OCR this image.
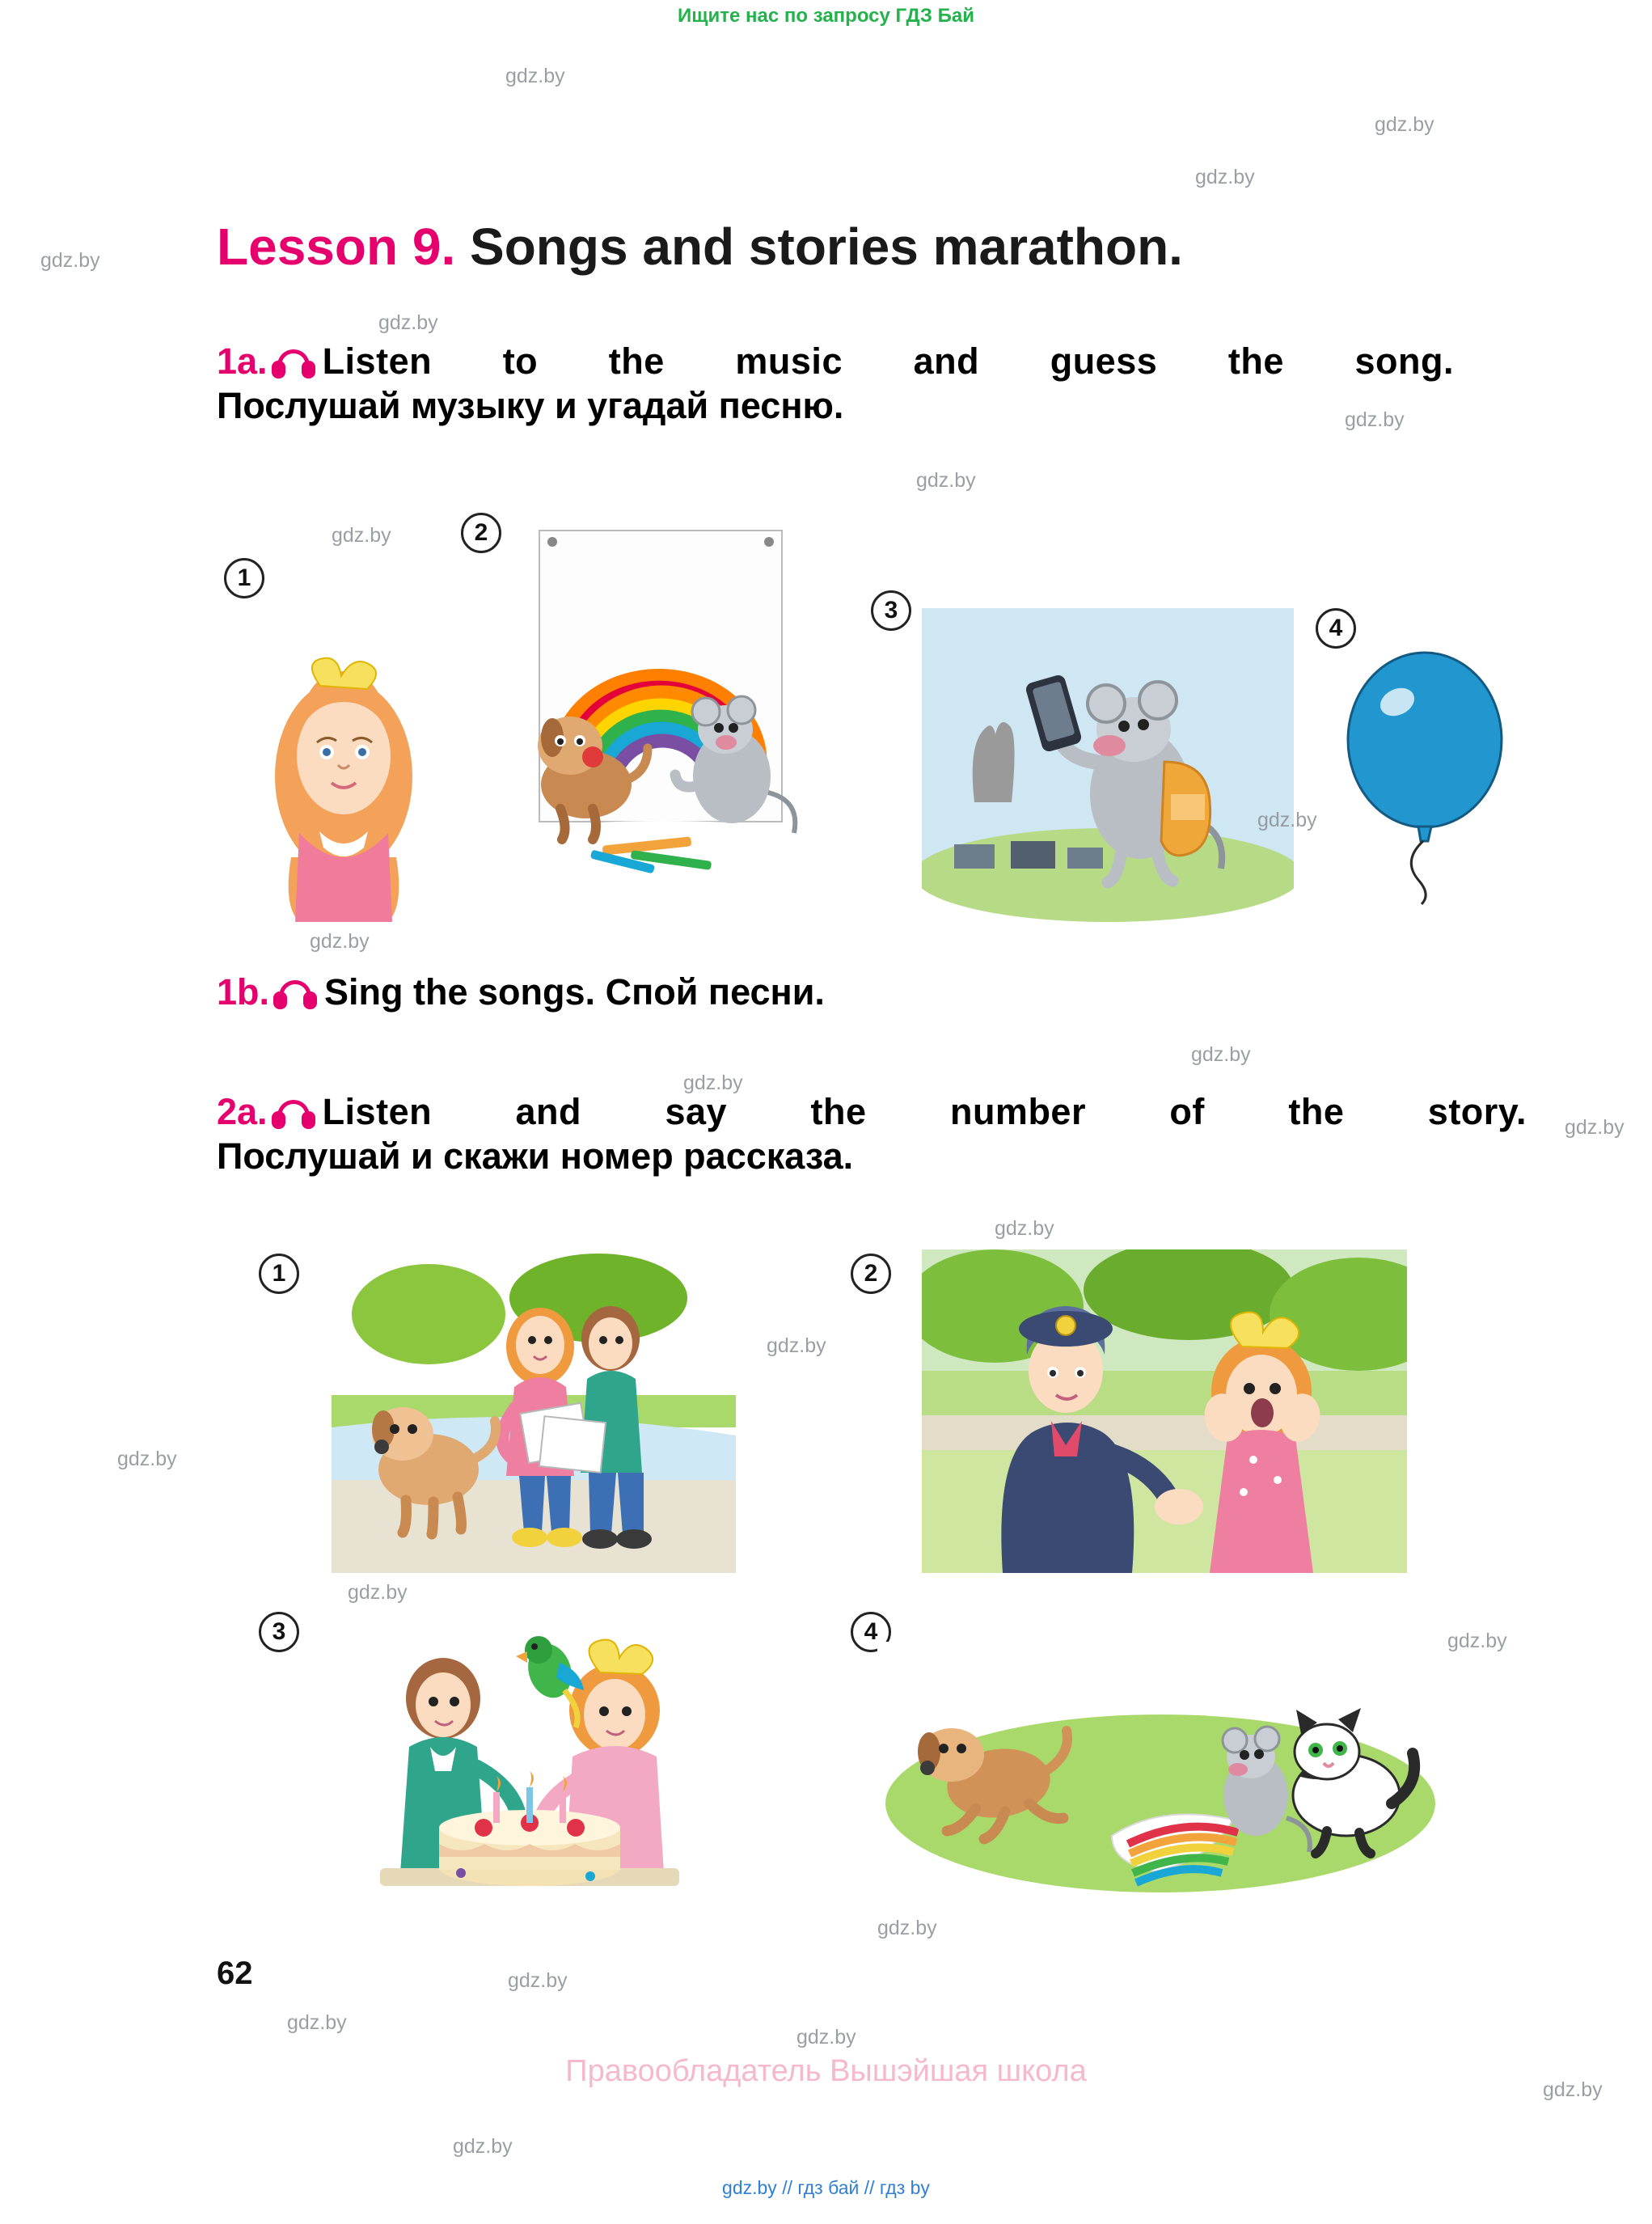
Ищите нас по запросу ГДЗ Бай
Lesson 9. Songs and stories marathon.
1a. Listen to the music and guess the song.
Послушай музыку и угадай песню.
1
2
3
4
1b. Sing the songs. Спой песни.
2a. Listen and say the number of the story.
Послушай и скажи номер рассказа.
1	2
3	4
62
Правообладатель Вышэйшая школа
gdz.by // гдз бай // гдз by
gdz.by
gdz.by
gdz.by
gdz.by
gdz.by
gdz.by
gdz.by
gdz.by
gdz.by
gdz.by
gdz.by
gdz.by
gdz.by
gdz.by
gdz.by
gdz.by
gdz.by
gdz.by
gdz.by
gdz.by
gdz.by
gdz.by
gdz.by
gdz.by
